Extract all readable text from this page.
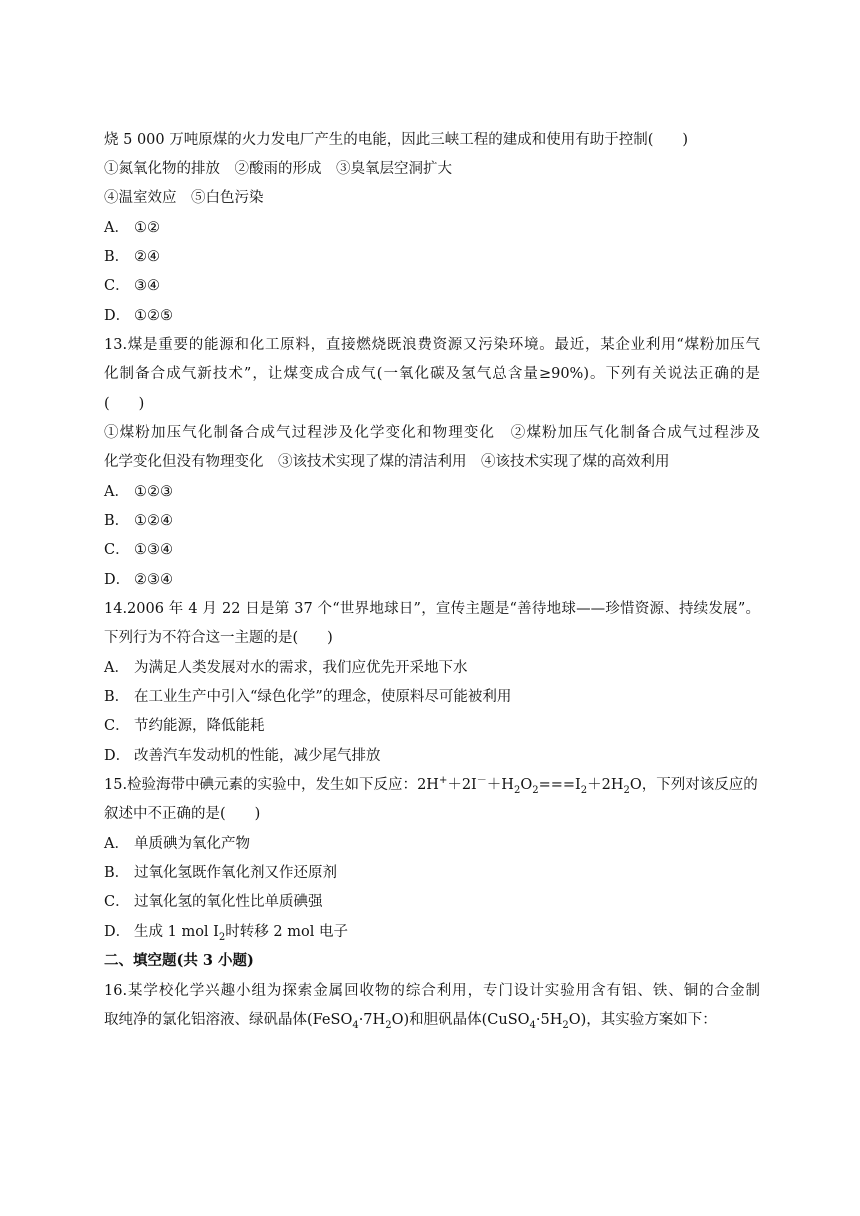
烧 5 000 万吨原煤的火力发电厂产生的电能，因此三峡工程的建成和使用有助于控制(　　)
①氮氧化物的排放　②酸雨的形成　③臭氧层空洞扩大
④温室效应　⑤白色污染
A． ①②
B． ②④
C． ③④
D． ①②⑤
13.煤是重要的能源和化工原料，直接燃烧既浪费资源又污染环境。最近，某企业利用“煤粉加压气
化制备合成气新技术”，让煤变成合成气(一氧化碳及氢气总含量≥90%)。下列有关说法正确的是
(　　)
①煤粉加压气化制备合成气过程涉及化学变化和物理变化　②煤粉加压气化制备合成气过程涉及
化学变化但没有物理变化　③该技术实现了煤的清洁利用　④该技术实现了煤的高效利用
A． ①②③
B． ①②④
C． ①③④
D． ②③④
14.2006 年 4 月 22 日是第 37 个“世界地球日”，宣传主题是“善待地球——珍惜资源、持续发展”。
下列行为不符合这一主题的是(　　)
A． 为满足人类发展对水的需求，我们应优先开采地下水
B． 在工业生产中引入“绿色化学”的理念，使原料尽可能被利用
C． 节约能源，降低能耗
D． 改善汽车发动机的性能，减少尾气排放
15.检验海带中碘元素的实验中，发生如下反应：$2H^++2I^-+H_2O_2===I_2+2H_2O$，下列对该反应的
叙述中不正确的是(　　)
A． 单质碘为氧化产物
B． 过氧化氢既作氧化剂又作还原剂
C． 过氧化氢的氧化性比单质碘强
D． 生成 1 mol $I_2$时转移 2 mol 电子
二、填空题(共 3 小题)
16.某学校化学兴趣小组为探索金属回收物的综合利用，专门设计实验用含有铝、铁、铜的合金制
取纯净的氯化铝溶液、绿矾晶体$(FeSO_4\cdot 7H_2O)$和胆矾晶体$(CuSO_4\cdot 5H_2O)$，其实验方案如下：
